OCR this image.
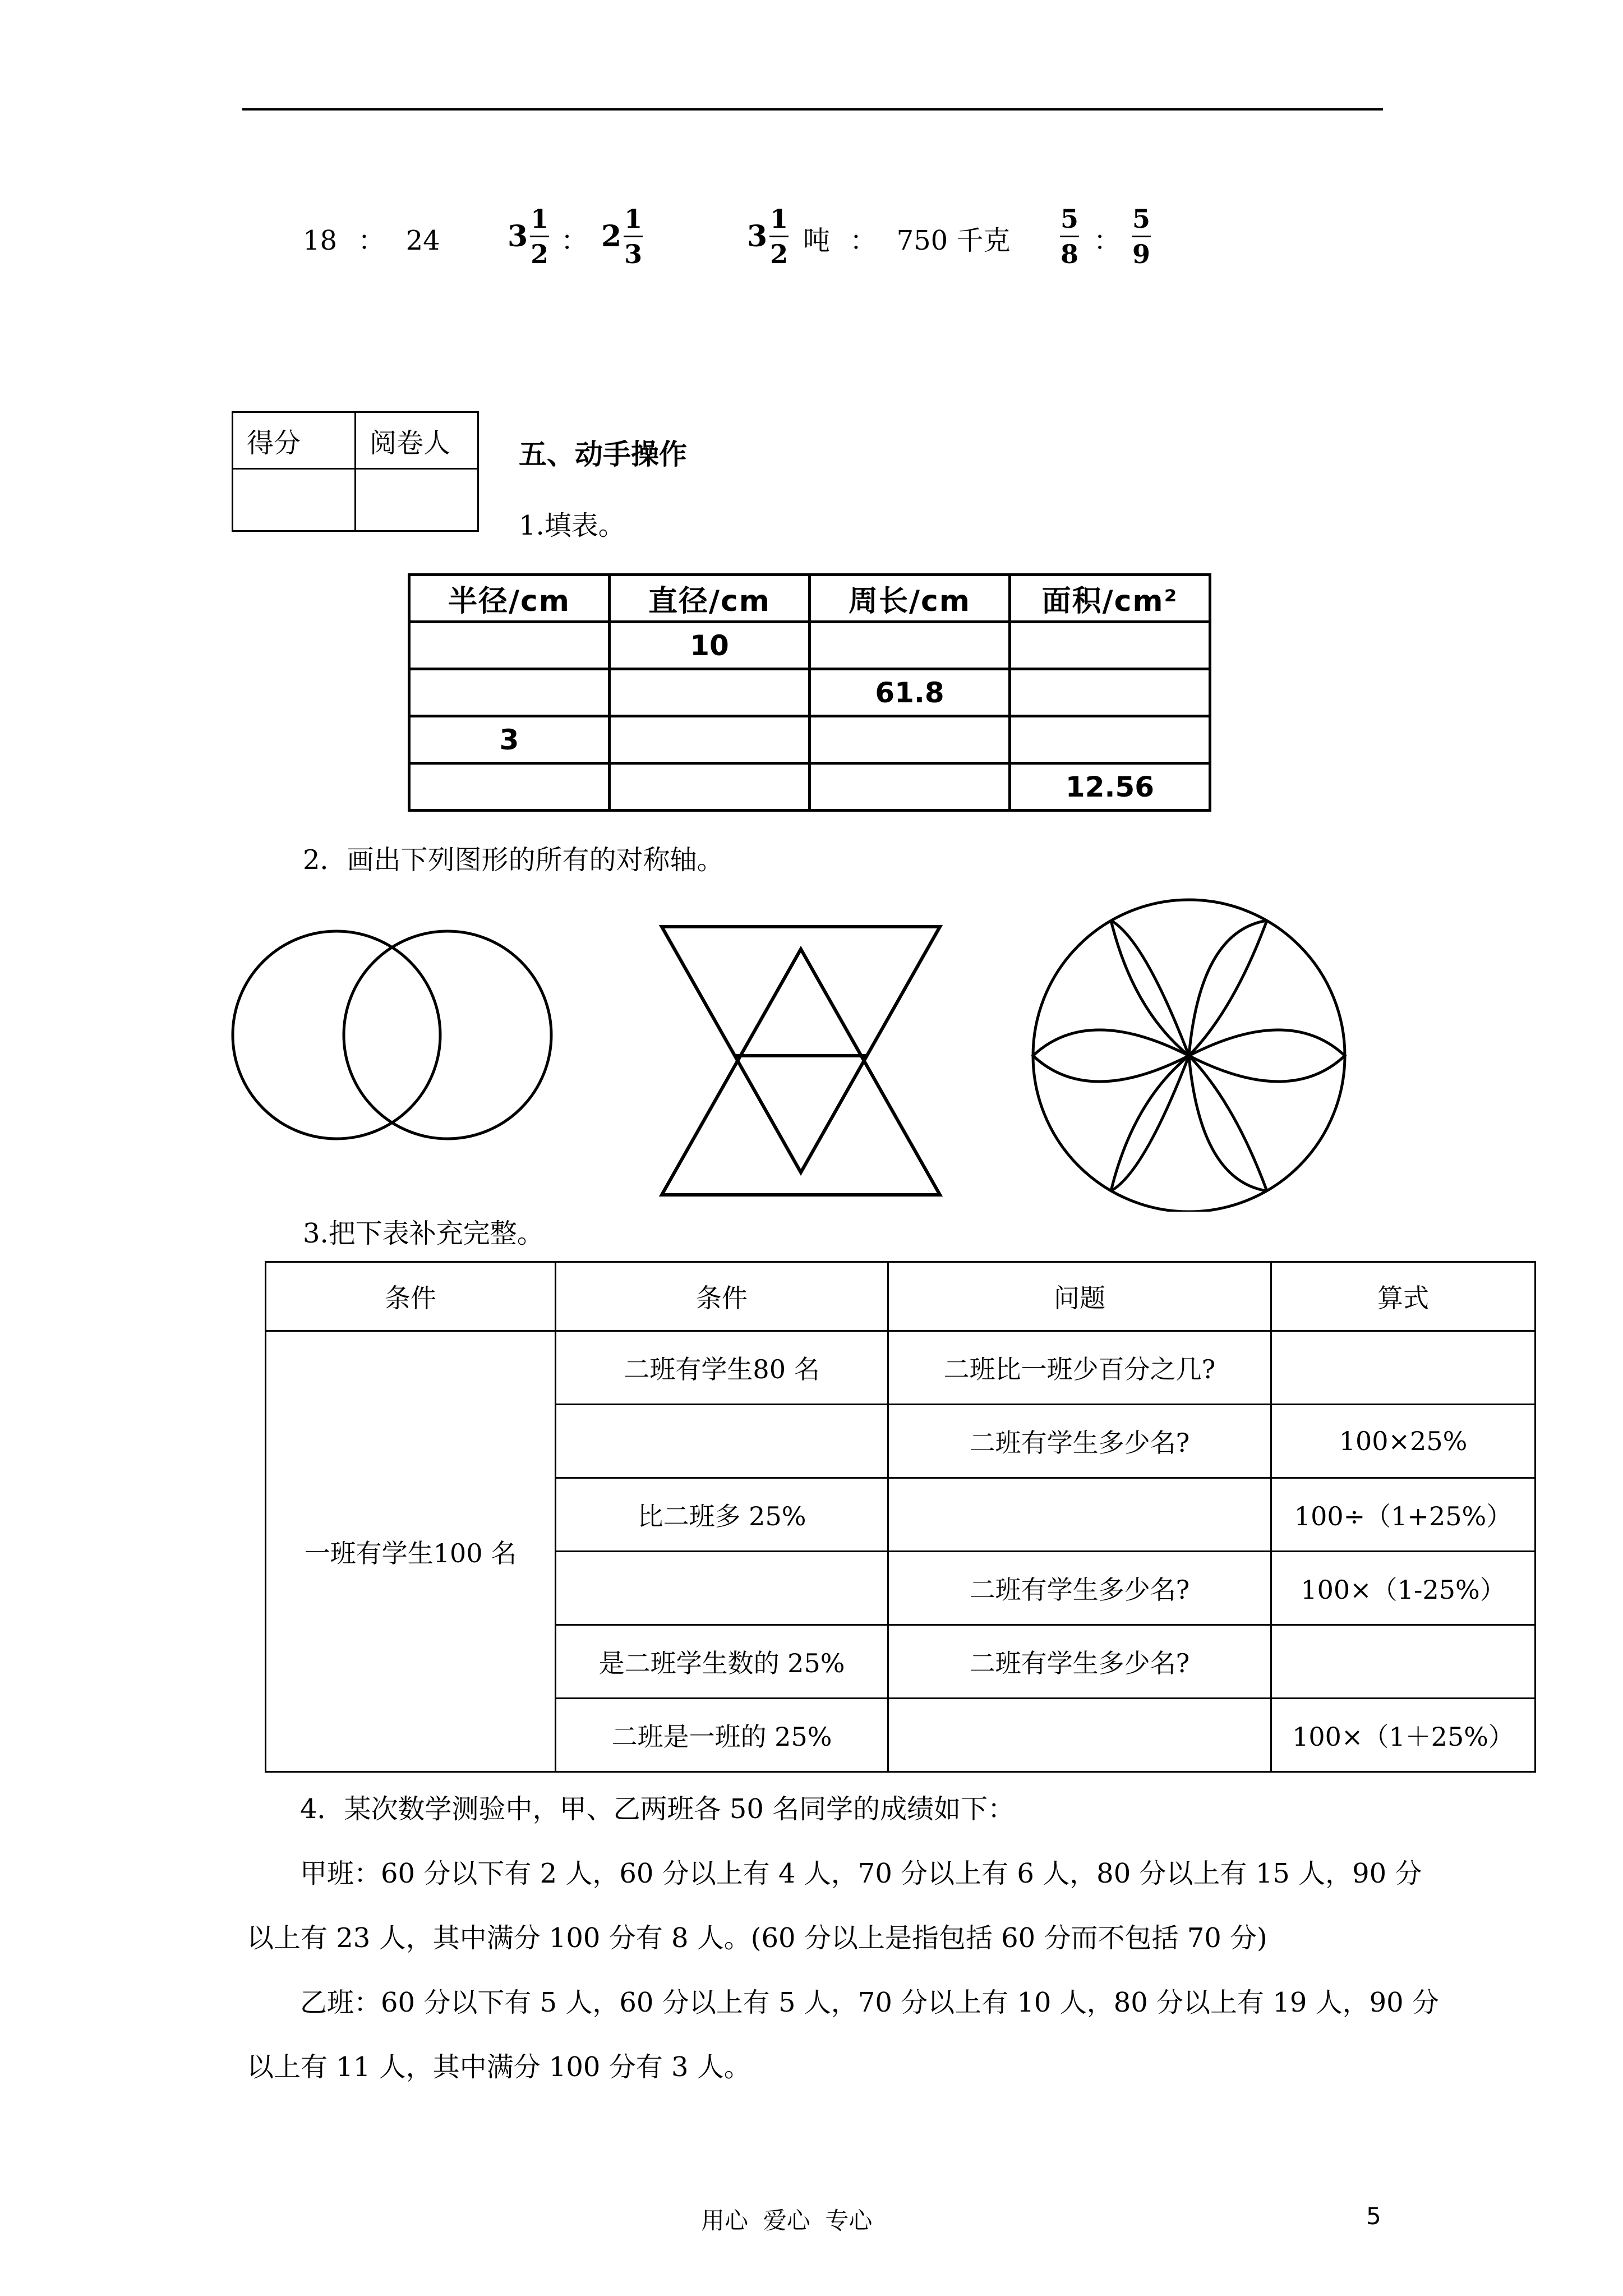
18 ： 24 $3 \frac{1}{2}$ ： $2 \frac{1}{3}$	$3 \frac{1}{2}$ 吨 ： 750 千克 $\frac{5}{8}$ ： $\frac{5}{9}$
得分	阅卷人
	五、动手操作
1.填表。
半径/cm	直径/cm	周长/cm	面积/cm²
	10		
		61.8	
3			
			12.56
2．画出下列图形的所有的对称轴。
3.把下表补充完整。
条件	条件	问题	算式
一班有学生100 名	二班有学生80 名	二班比一班少百分之几?	
		二班有学生多少名?	100×25%
	比二班多 25%		100÷（1+25%）
		二班有学生多少名?	100×（1-25%）
	是二班学生数的 25%	二班有学生多少名?	
	二班是一班的 25%		100×（1＋25%）
4．某次数学测验中，甲、乙两班各 50 名同学的成绩如下：
甲班：60 分以下有 2 人，60 分以上有 4 人，70 分以上有 6 人，80 分以上有 15 人，90 分
以上有 23 人，其中满分 100 分有 8 人。(60 分以上是指包括 60 分而不包括 70 分)
乙班：60 分以下有 5 人，60 分以上有 5 人，70 分以上有 10 人，80 分以上有 19 人，90 分
以上有 11 人，其中满分 100 分有 3 人。
用心  爱心  专心	5
